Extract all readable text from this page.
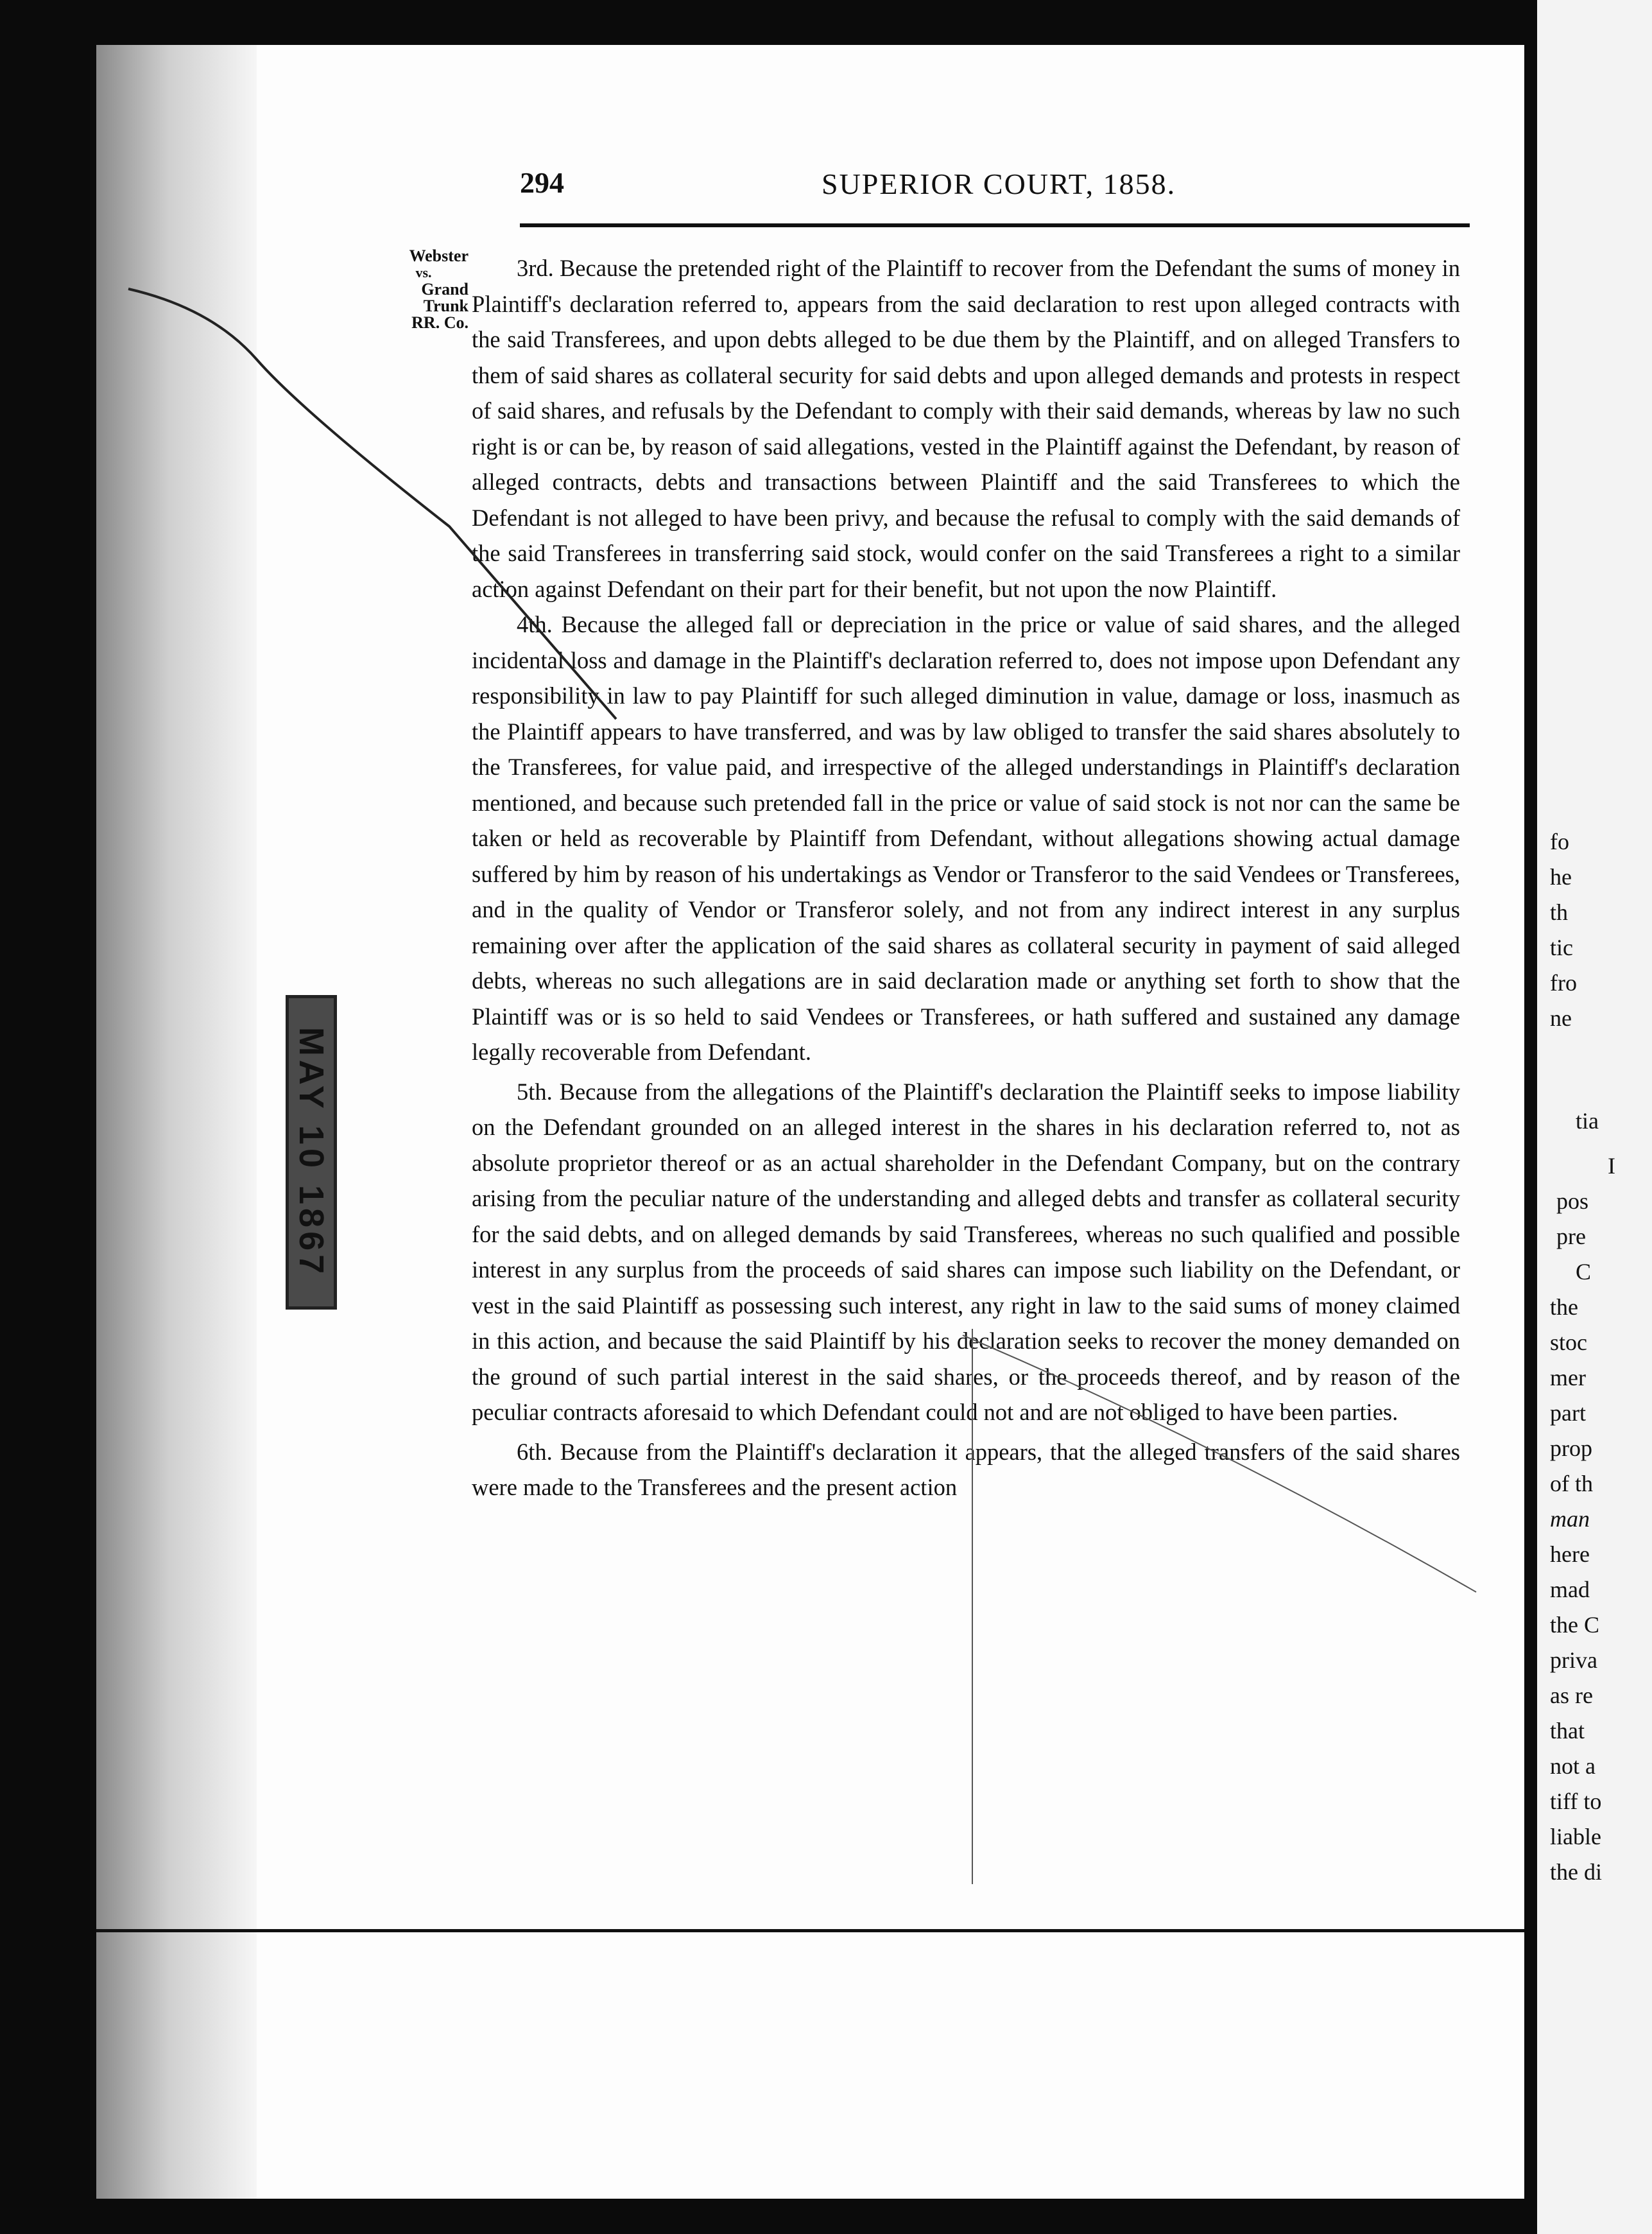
MAY 10 1867
294	SUPERIOR COURT, 1858.
Webster
vs.
Grand Trunk
RR. Co.

3rd. Because the pretended right of the Plaintiff to recover from the Defendant the sums of money in Plaintiff's declaration referred to, appears from the said declaration to rest upon alleged contracts with the said Transferees, and upon debts alleged to be due them by the Plaintiff, and on alleged Transfers to them of said shares as collateral security for said debts and upon alleged demands and protests in respect of said shares, and refusals by the Defendant to comply with their said demands, whereas by law no such right is or can be, by reason of said allegations, vested in the Plaintiff against the Defendant, by reason of alleged contracts, debts and transactions between Plaintiff and the said Transferees to which the Defendant is not alleged to have been privy, and because the refusal to comply with the said demands of the said Transferees in transferring said stock, would confer on the said Transferees a right to a similar action against Defendant on their part for their benefit, but not upon the now Plaintiff.

4th. Because the alleged fall or depreciation in the price or value of said shares, and the alleged incidental loss and damage in the Plaintiff's declaration referred to, does not impose upon Defendant any responsibility in law to pay Plaintiff for such alleged diminution in value, damage or loss, inasmuch as the Plaintiff appears to have transferred, and was by law obliged to transfer the said shares absolutely to the Transferees, for value paid, and irrespective of the alleged understandings in Plaintiff's declaration mentioned, and because such pretended fall in the price or value of said stock is not nor can the same be taken or held as recoverable by Plaintiff from Defendant, without allegations showing actual damage suffered by him by reason of his undertakings as Vendor or Transferor to the said Vendees or Transferees, and in the quality of Vendor or Transferor solely, and not from any indirect interest in any surplus remaining over after the application of the said shares as collateral security in payment of said alleged debts, whereas no such allegations are in said declaration made or anything set forth to show that the Plaintiff was or is so held to said Vendees or Transferees, or hath suffered and sustained any damage legally recoverable from Defendant.

5th. Because from the allegations of the Plaintiff's declaration the Plaintiff seeks to impose liability on the Defendant grounded on an alleged interest in the shares in his declaration referred to, not as absolute proprietor thereof or as an actual shareholder in the Defendant Company, but on the contrary arising from the peculiar nature of the understanding and alleged debts and transfer as collateral security for the said debts, and on alleged demands by said Transferees, whereas no such qualified and possible interest in any surplus from the proceeds of said shares can impose such liability on the Defendant, or vest in the said Plaintiff as possessing such interest, any right in law to the said sums of money claimed in this action, and because the said Plaintiff by his declaration seeks to recover the money demanded on the ground of such partial interest in the said shares, or the proceeds thereof, and by reason of the peculiar contracts aforesaid to which Defendant could not and are not obliged to have been parties.

6th. Because from the Plaintiff's declaration it appears, that the alleged transfers of the said shares were made to the Transferees and the present action

fo
he
th
tic
fro
ne
tia
I
pos
pre
C
the
stoc
mer
part
prop
of th
man
here
mad
the C
priva
as re
that
not a
tiff to
liable
the di
